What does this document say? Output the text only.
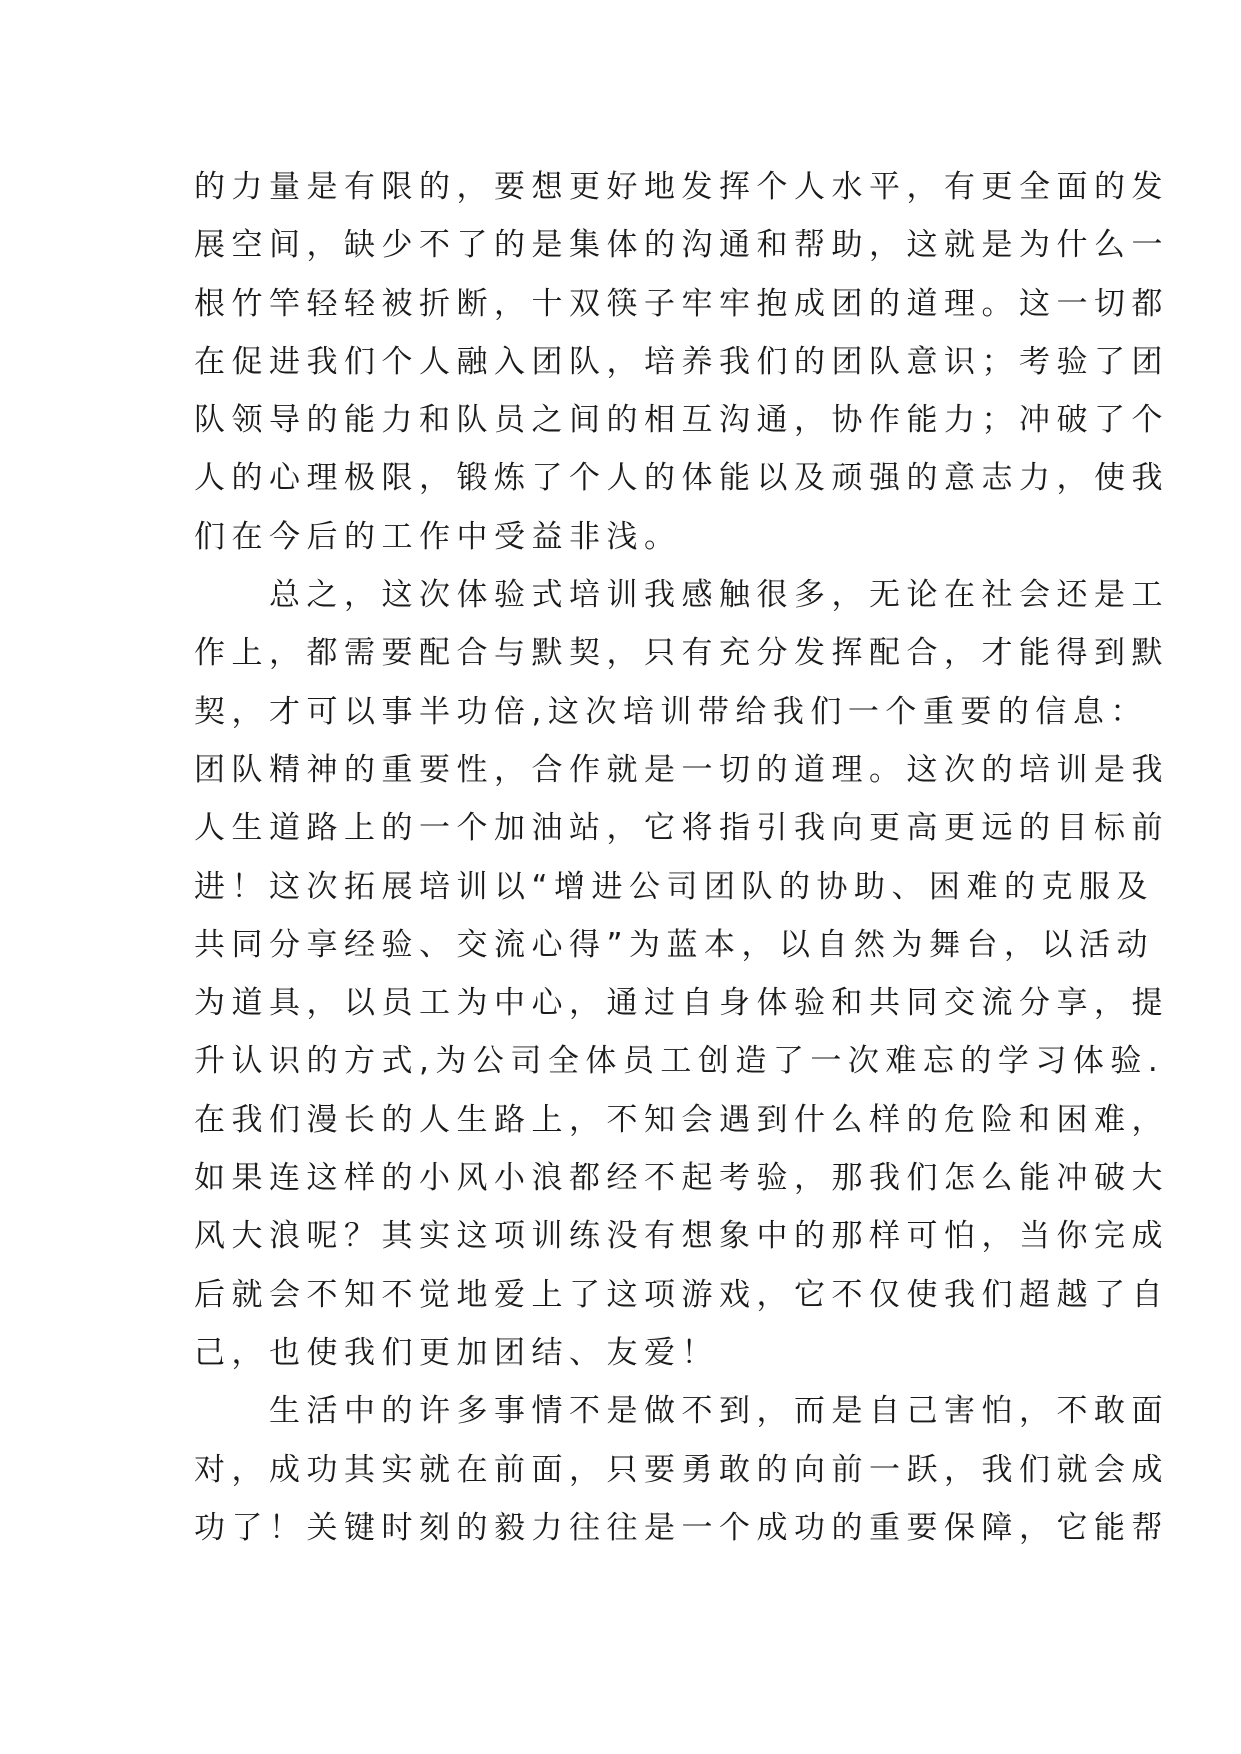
的力量是有限的，要想更好地发挥个人水平，有更全面的发
展空间，缺少不了的是集体的沟通和帮助，这就是为什么一
根竹竿轻轻被折断，十双筷子牢牢抱成团的道理。这一切都
在促进我们个人融入团队，培养我们的团队意识；考验了团
队领导的能力和队员之间的相互沟通，协作能力；冲破了个
人的心理极限，锻炼了个人的体能以及顽强的意志力，使我
们在今后的工作中受益非浅。
　　总之，这次体验式培训我感触很多，无论在社会还是工
作上，都需要配合与默契，只有充分发挥配合，才能得到默
契，才可以事半功倍,这次培训带给我们一个重要的信息：
团队精神的重要性，合作就是一切的道理。这次的培训是我
人生道路上的一个加油站，它将指引我向更高更远的目标前
进！这次拓展培训以“增进公司团队的协助、困难的克服及
共同分享经验、交流心得”为蓝本，以自然为舞台，以活动
为道具，以员工为中心，通过自身体验和共同交流分享，提
升认识的方式,为公司全体员工创造了一次难忘的学习体验.
在我们漫长的人生路上，不知会遇到什么样的危险和困难，
如果连这样的小风小浪都经不起考验，那我们怎么能冲破大
风大浪呢？其实这项训练没有想象中的那样可怕，当你完成
后就会不知不觉地爱上了这项游戏，它不仅使我们超越了自
己，也使我们更加团结、友爱！
　　生活中的许多事情不是做不到，而是自己害怕，不敢面
对，成功其实就在前面，只要勇敢的向前一跃，我们就会成
功了！关键时刻的毅力往往是一个成功的重要保障，它能帮
